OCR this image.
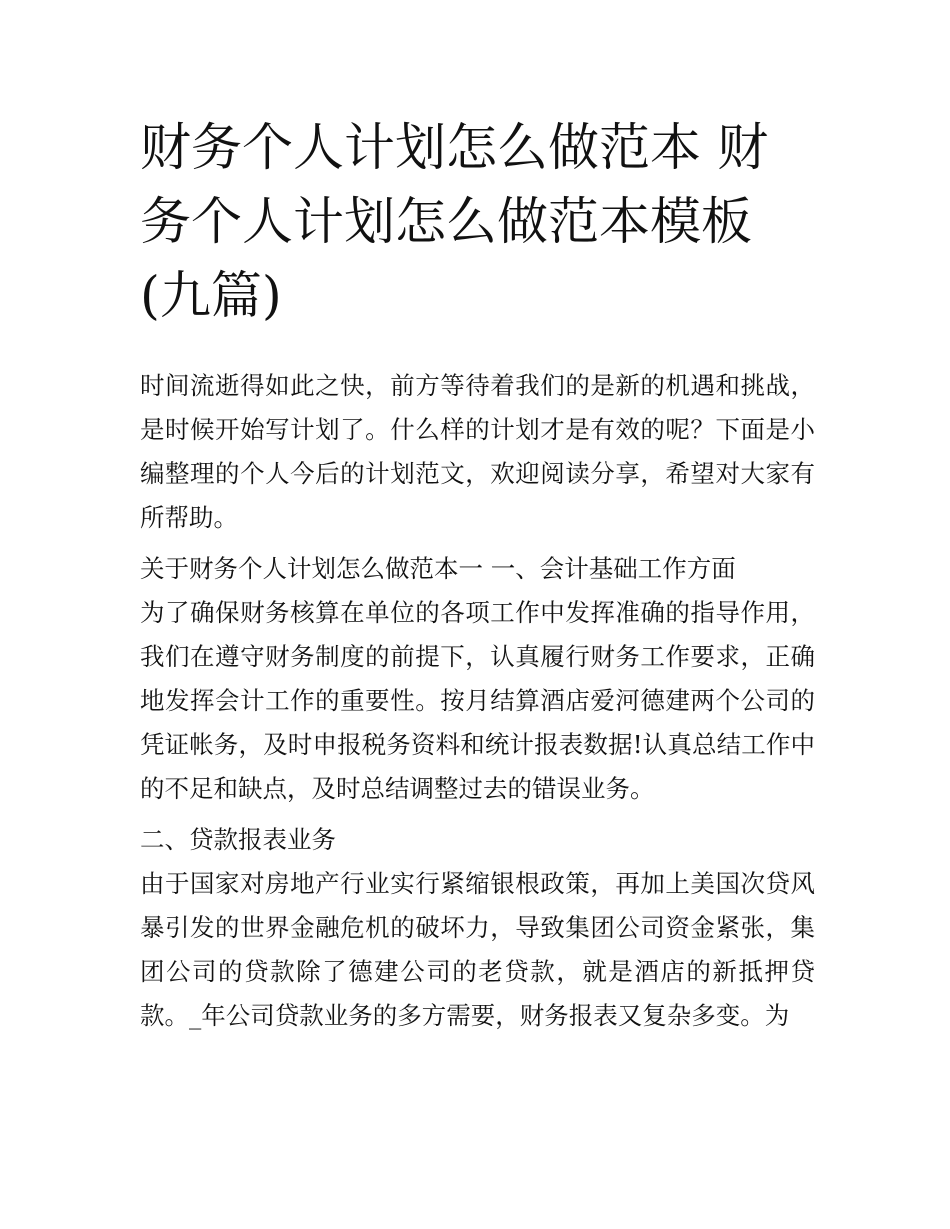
财务个人计划怎么做范本 财务个人计划怎么做范本模板(九篇)

时间流逝得如此之快，前方等待着我们的是新的机遇和挑战，是时候开始写计划了。什么样的计划才是有效的呢？下面是小编整理的个人今后的计划范文，欢迎阅读分享，希望对大家有所帮助。

关于财务个人计划怎么做范本一 一、会计基础工作方面

为了确保财务核算在单位的各项工作中发挥准确的指导作用，我们在遵守财务制度的前提下，认真履行财务工作要求，正确地发挥会计工作的重要性。按月结算酒店爱河德建两个公司的凭证帐务，及时申报税务资料和统计报表数据!认真总结工作中的不足和缺点，及时总结调整过去的错误业务。

二、贷款报表业务

由于国家对房地产行业实行紧缩银根政策，再加上美国次贷风暴引发的世界金融危机的破坏力，导致集团公司资金紧张，集团公司的贷款除了德建公司的老贷款，就是酒店的新抵押贷款。_年公司贷款业务的多方需要，财务报表又复杂多变。为
